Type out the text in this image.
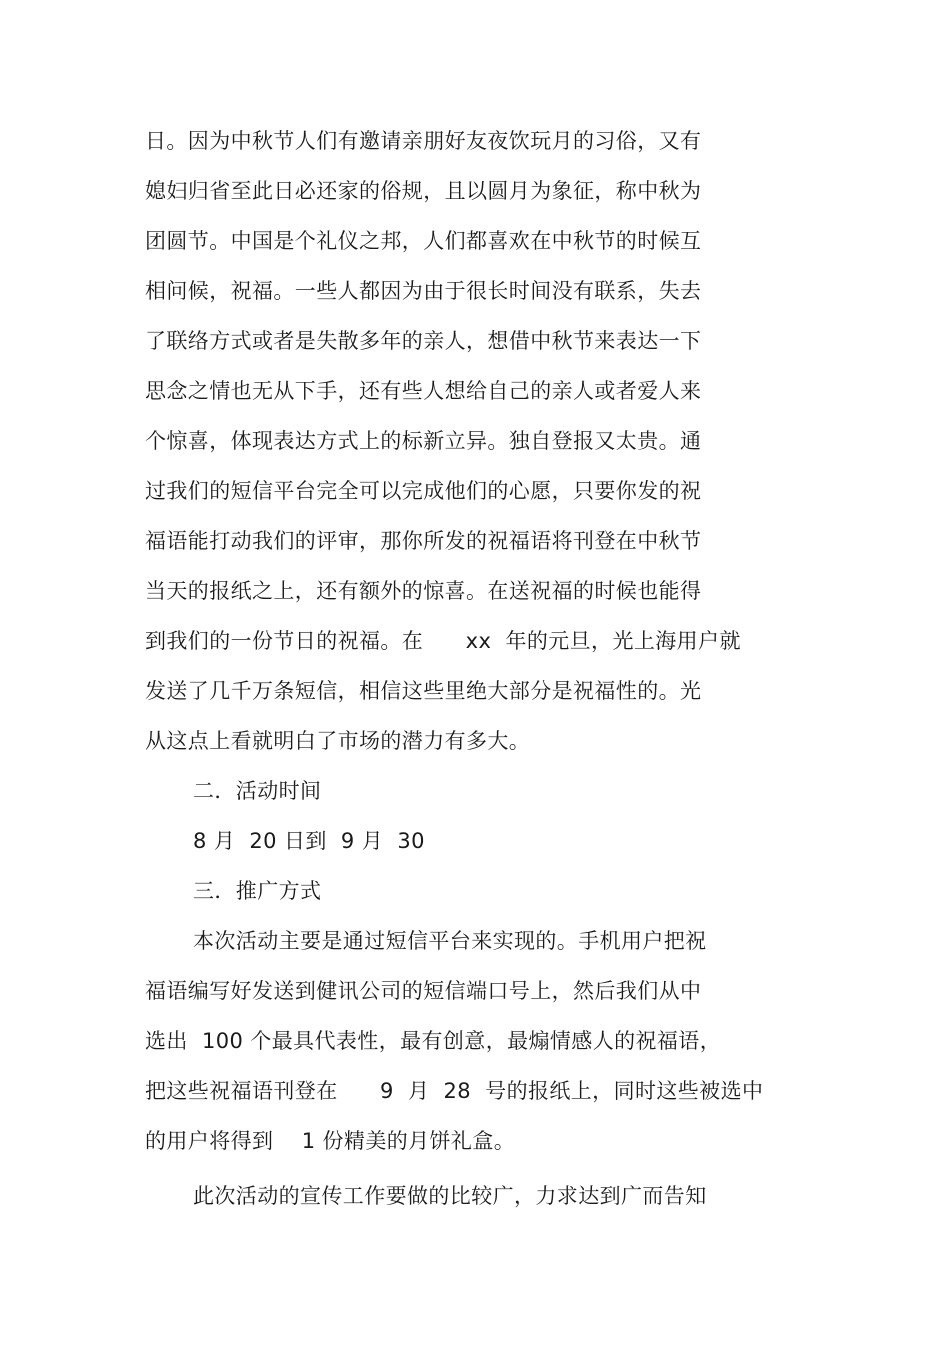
日。因为中秋节人们有邀请亲朋好友夜饮玩月的习俗，又有
媳妇归省至此日必还家的俗规，且以圆月为象征，称中秋为
团圆节。中国是个礼仪之邦，人们都喜欢在中秋节的时候互
相问候，祝福。一些人都因为由于很长时间没有联系，失去
了联络方式或者是失散多年的亲人，想借中秋节来表达一下
思念之情也无从下手，还有些人想给自己的亲人或者爱人来
个惊喜，体现表达方式上的标新立异。独自登报又太贵。通
过我们的短信平台完全可以完成他们的心愿，只要你发的祝
福语能打动我们的评审，那你所发的祝福语将刊登在中秋节
当天的报纸之上，还有额外的惊喜。在送祝福的时候也能得
到我们的一份节日的祝福。在      xx  年的元旦，光上海用户就
发送了几千万条短信，相信这些里绝大部分是祝福性的。光
从这点上看就明白了市场的潜力有多大。
二．活动时间
8 月  20 日到  9 月  30
三．推广方式
本次活动主要是通过短信平台来实现的。手机用户把祝
福语编写好发送到健讯公司的短信端口号上，然后我们从中
选出  100 个最具代表性，最有创意，最煽情感人的祝福语，
把这些祝福语刊登在      9  月  28  号的报纸上，同时这些被选中
的用户将得到    1 份精美的月饼礼盒。
此次活动的宣传工作要做的比较广，力求达到广而告知
